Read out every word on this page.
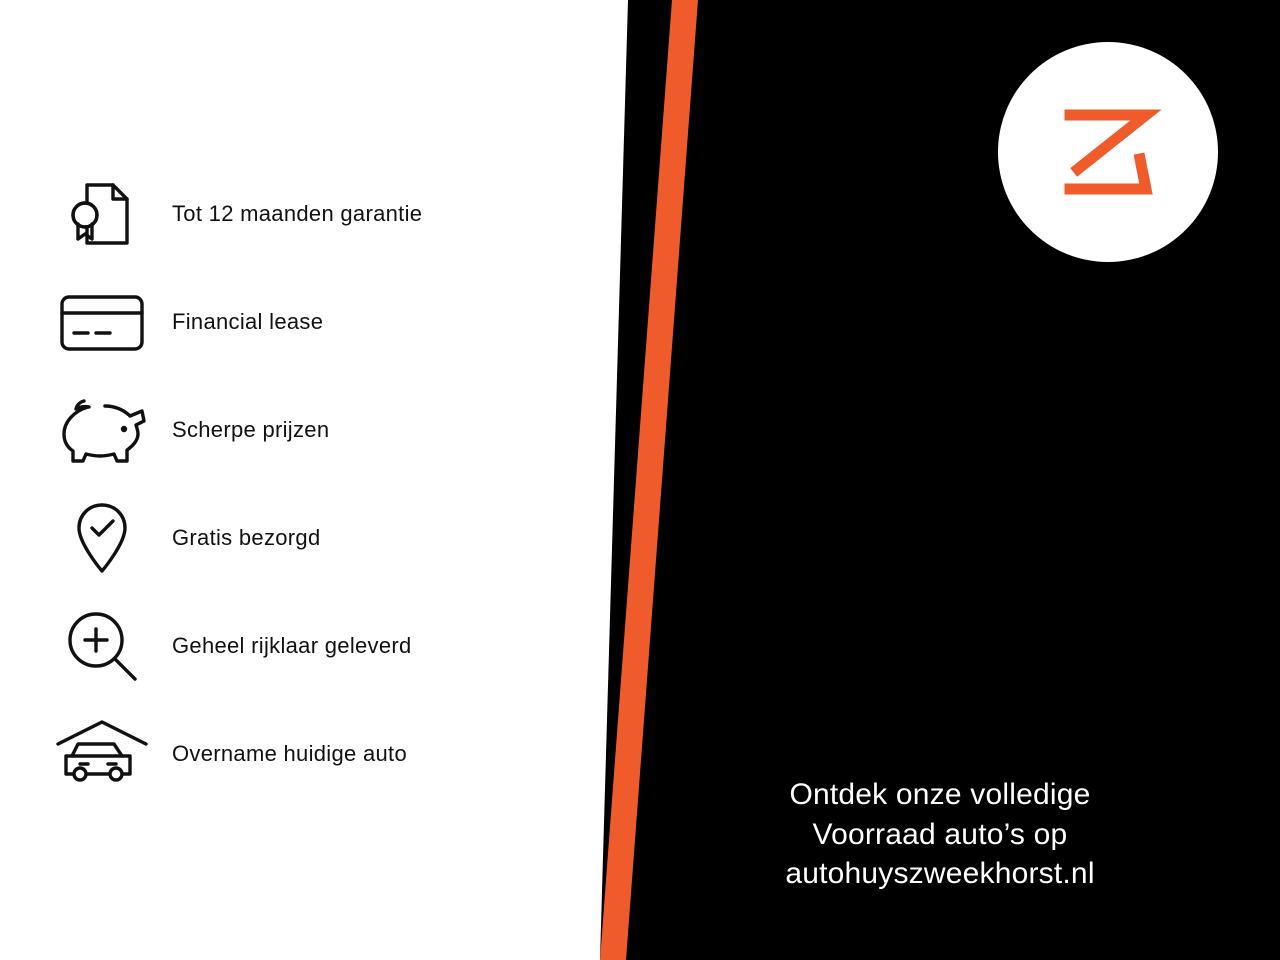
Tot 12 maanden garantie
Financial lease
Scherpe prijzen
Gratis bezorgd
Geheel rijklaar geleverd
Overname huidige auto
Ontdek onze volledige
Voorraad auto’s op
autohuyszweekhorst.nl
